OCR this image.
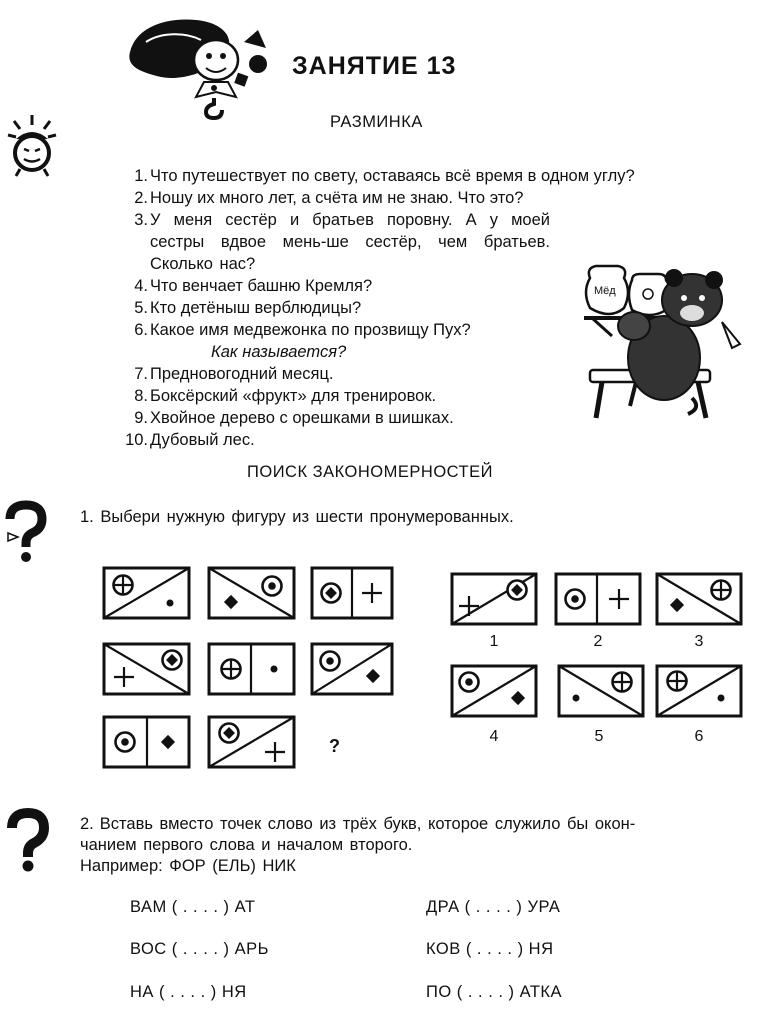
ЗАНЯТИЕ 13
РАЗМИНКА
1. Что путешествует по свету, оставаясь всё время в одном углу?
2. Ношу их много лет, а счёта им не знаю. Что это?
3. У меня сестёр и братьев поровну. А у моей сестры вдвое мень-ше сестёр, чем братьев. Сколько нас?
4. Что венчает башню Кремля?
5. Кто детёныш верблюдицы?
6. Какое имя медвежонка по прозвищу Пух?
Как называется?
7. Предновогодний месяц.
8. Боксёрский «фрукт» для тренировок.
9. Хвойное дерево с орешками в шишках.
10. Дубовый лес.
Мёд
ПОИСК ЗАКОНОМЕРНОСТЕЙ
1. Выбери нужную фигуру из шести пронумерованных.
?
1	2	3
4	5	6
2. Вставь вместо точек слово из трёх букв, которое служило бы окон-
чанием первого слова и началом второго.
Например: ФОР (ЕЛЬ) НИК
ВАМ ( . . . . ) АТ
ВОС ( . . . . ) АРЬ
НА ( . . . . ) НЯ
ДРА ( . . . . ) УРА
КОВ ( . . . . ) НЯ
ПО ( . . . . ) АТКА
